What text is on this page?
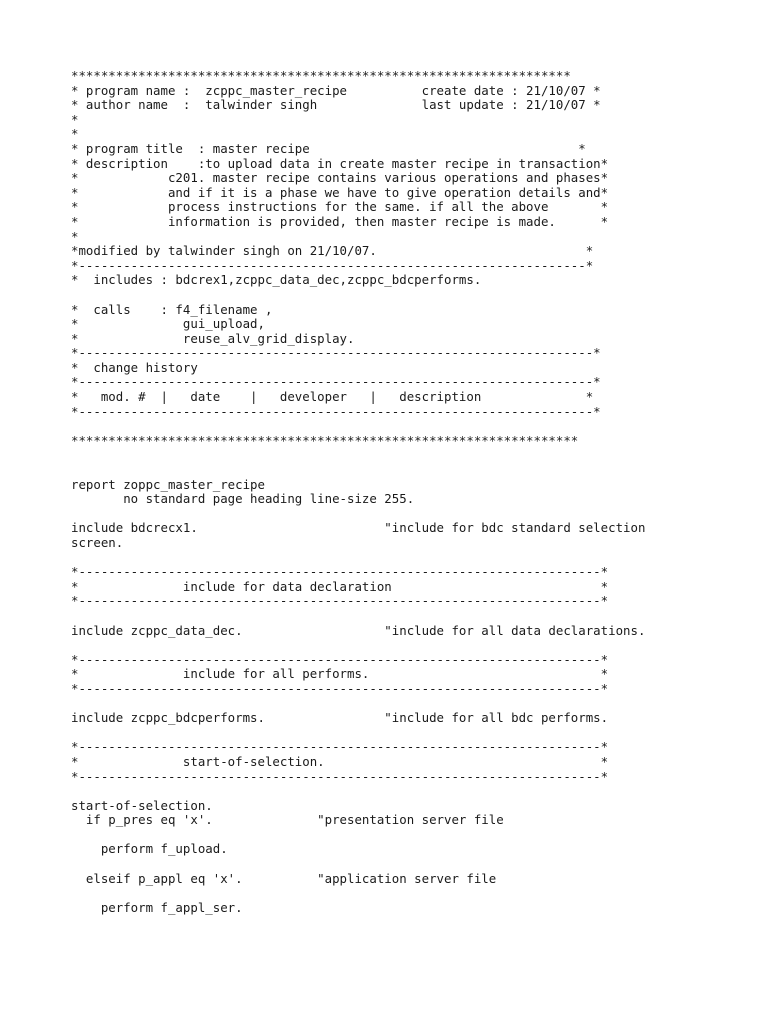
*******************************************************************
* program name :  zcppc_master_recipe          create date : 21/10/07 *
* author name  :  talwinder singh              last update : 21/10/07 *
*
*
* program title  : master recipe                                    *
* description    :to upload data in create master recipe in transaction*
*            c201. master recipe contains various operations and phases*
*            and if it is a phase we have to give operation details and*
*            process instructions for the same. if all the above       *
*            information is provided, then master recipe is made.      *
*
*modified by talwinder singh on 21/10/07.                            *
*--------------------------------------------------------------------*
*  includes : bdcrex1,zcppc_data_dec,zcppc_bdcperforms.
*  calls    : f4_filename ,
*              gui_upload,
*              reuse_alv_grid_display.
*---------------------------------------------------------------------*
*  change history
*---------------------------------------------------------------------*
*   mod. #  |   date    |   developer   |   description              *
*---------------------------------------------------------------------*
********************************************************************
report zoppc_master_recipe
no standard page heading line-size 255.
include bdcrecx1.                         "include for bdc standard selection
screen.
*----------------------------------------------------------------------*
*              include for data declaration                            *
*----------------------------------------------------------------------*
include zcppc_data_dec.                   "include for all data declarations.
*----------------------------------------------------------------------*
*              include for all performs.                               *
*----------------------------------------------------------------------*
include zcppc_bdcperforms.                "include for all bdc performs.
*----------------------------------------------------------------------*
*              start-of-selection.                                     *
*----------------------------------------------------------------------*
start-of-selection.
if p_pres eq 'x'.              "presentation server file
perform f_upload.
elseif p_appl eq 'x'.          "application server file
perform f_appl_ser.
